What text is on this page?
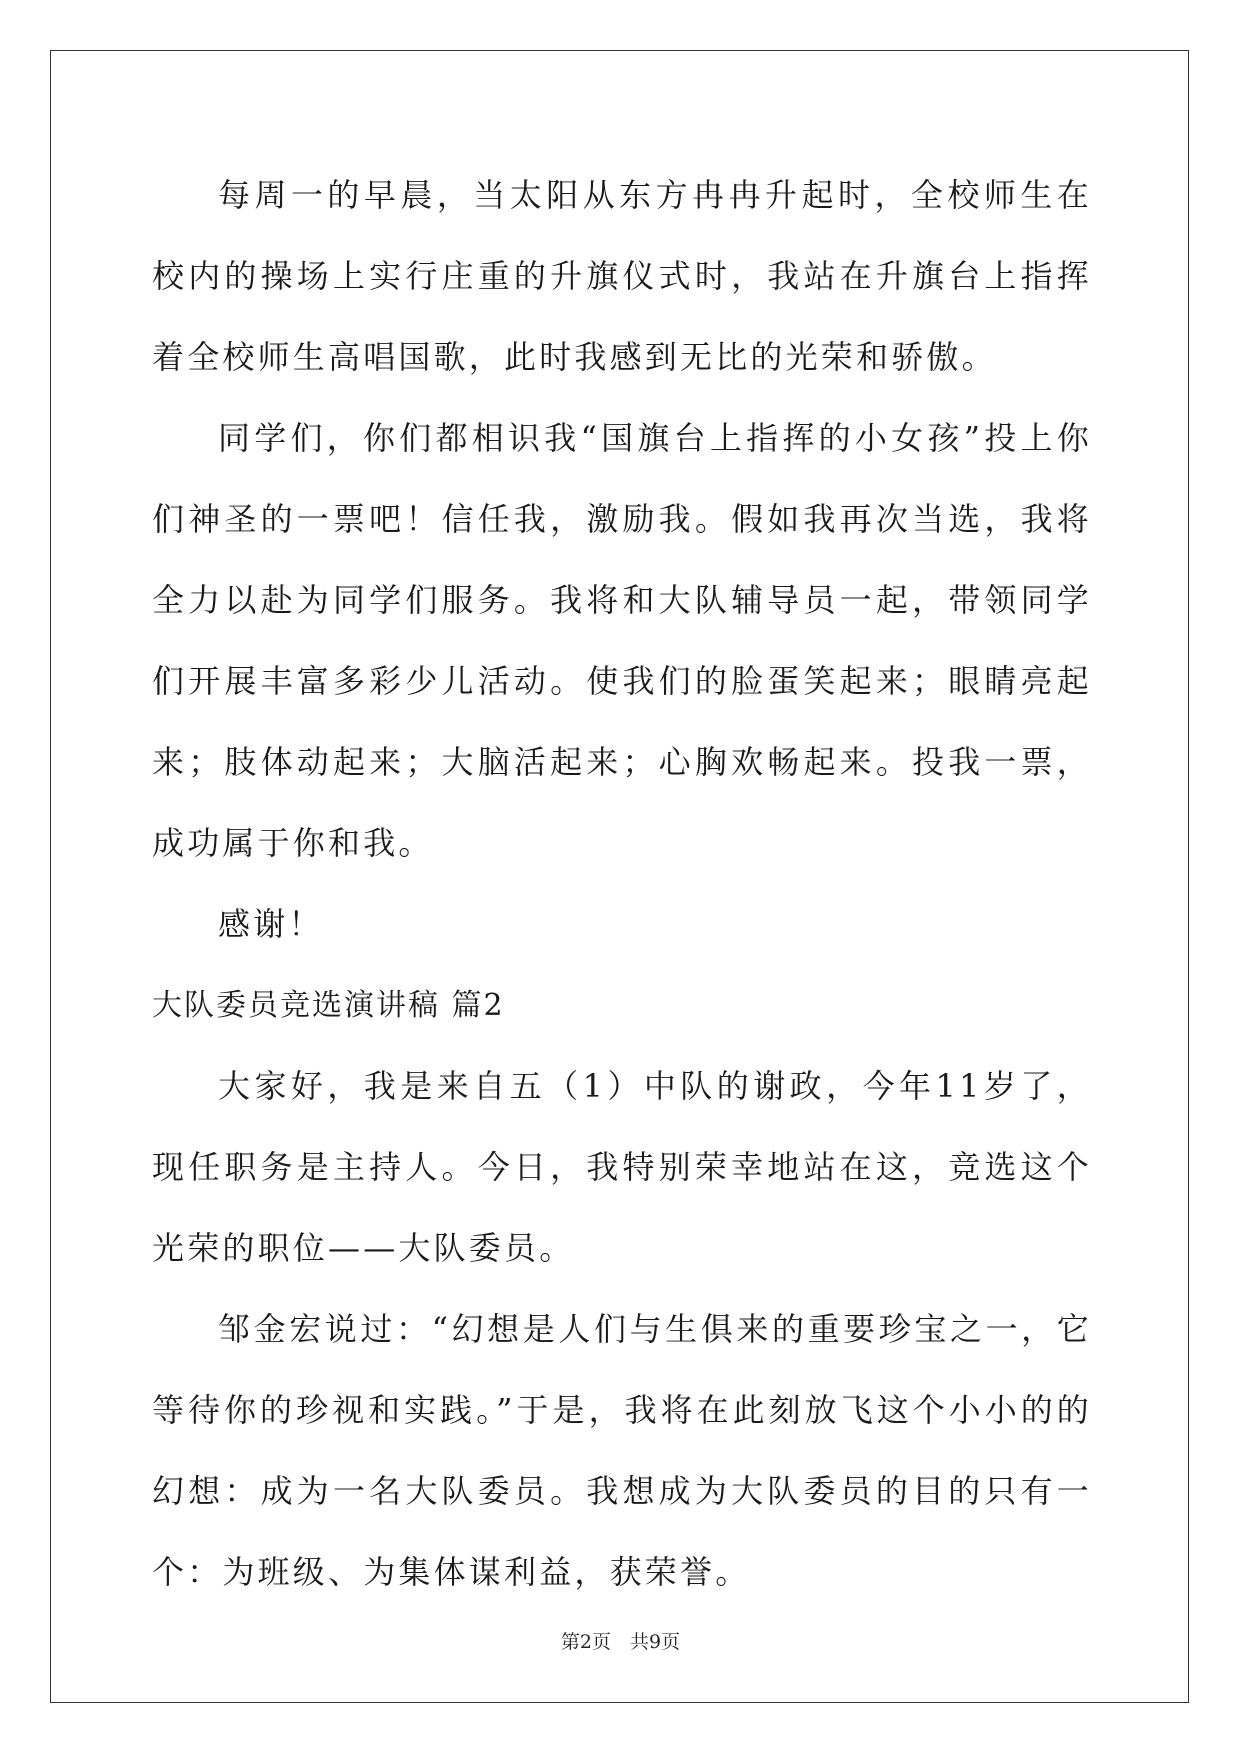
每周一的早晨，当太阳从东方冉冉升起时，全校师生在校内的操场上实行庄重的升旗仪式时，我站在升旗台上指挥着全校师生高唱国歌，此时我感到无比的光荣和骄傲。

同学们，你们都相识我“国旗台上指挥的小女孩”投上你们神圣的一票吧！信任我，激励我。假如我再次当选，我将全力以赴为同学们服务。我将和大队辅导员一起，带领同学们开展丰富多彩少儿活动。使我们的脸蛋笑起来；眼睛亮起来；肢体动起来；大脑活起来；心胸欢畅起来。投我一票，成功属于你和我。

感谢！

大队委员竞选演讲稿 篇2

大家好，我是来自五（1）中队的谢政，今年11岁了，现任职务是主持人。今日，我特别荣幸地站在这，竞选这个光荣的职位——大队委员。

邹金宏说过：“幻想是人们与生俱来的重要珍宝之一，它等待你的珍视和实践。”于是，我将在此刻放飞这个小小的的幻想：成为一名大队委员。我想成为大队委员的目的只有一个：为班级、为集体谋利益，获荣誉。

第2页　共9页
